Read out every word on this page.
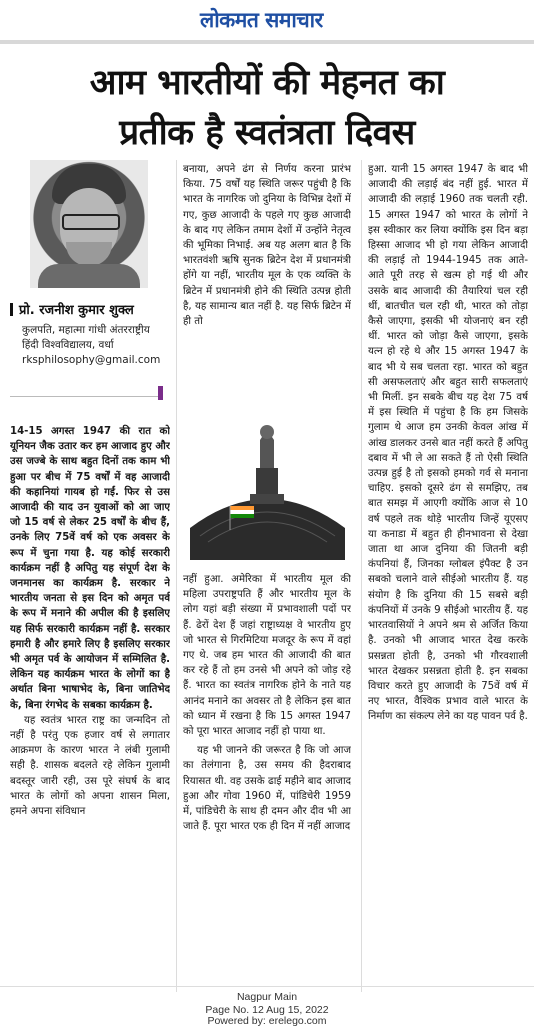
लोकमत समाचार
आम भारतीयों की मेहनत का
प्रतीक है स्वतंत्रता दिवस
प्रो. रजनीश कुमार शुक्ल
कुलपति, महात्मा गांधी अंतरराष्ट्रीय
हिंदी विश्वविद्यालय, वर्धा
rksphilosophy@gmail.com

14-15 अगस्त 1947 की रात को यूनियन जैक उतार कर हम आजाद हुए और उस जज्बे के साथ बहुत दिनों तक काम भी हुआ पर बीच में 75 वर्षों में वह आजादी की कहानियां गायब हो गईं. फिर से उस आजादी की याद उन युवाओं को आ जाए जो 15 वर्ष से लेकर 25 वर्षों के बीच हैं, उनके लिए 75वें वर्ष को एक अवसर के रूप में चुना गया है. यह कोई सरकारी कार्यक्रम नहीं है अपितु यह संपूर्ण देश के जनमानस का कार्यक्रम है. सरकार ने भारतीय जनता से इस दिन को अमृत पर्व के रूप में मनाने की अपील की है इसलिए यह सिर्फ सरकारी कार्यक्रम नहीं है. सरकार हमारी है और हमारे लिए है इसलिए सरकार भी अमृत पर्व के आयोजन में सम्मिलित है. लेकिन यह कार्यक्रम भारत के लोगों का है अर्थात बिना भाषाभेद के, बिना जातिभेद के, बिना रंगभेद के सबका कार्यक्रम है.

यह स्वतंत्र भारत राष्ट्र का जन्मदिन तो नहीं है परंतु एक हजार वर्ष से लगातार आक्रमण के कारण भारत ने लंबी गुलामी सही है. शासक बदलते रहे लेकिन गुलामी बदस्तूर जारी रही, उस पूरे संघर्ष के बाद भारत के लोगों को अपना शासन मिला, हमने अपना संविधान

बनाया, अपने ढंग से निर्णय करना प्रारंभ किया. 75 वर्षों यह स्थिति जरूर पहुंची है कि भारत के नागरिक जो दुनिया के विभिन्न देशों में गए, कुछ आजादी के पहले गए कुछ आजादी के बाद गए लेकिन तमाम देशों में उन्होंने नेतृत्व की भूमिका निभाई. अब यह अलग बात है कि भारतवंशी ऋषि सुनक ब्रिटेन देश में प्रधानमंत्री होंगे या नहीं, भारतीय मूल के एक व्यक्ति के ब्रिटेन में प्रधानमंत्री होने की स्थिति उत्पन्न होती है, यह सामान्य बात नहीं है. यह सिर्फ ब्रिटेन में ही तो

नहीं हुआ. अमेरिका में भारतीय मूल की महिला उपराष्ट्रपति हैं और भारतीय मूल के लोग यहां बड़ी संख्या में प्रभावशाली पदों पर हैं. ढेरों देश हैं जहां राष्ट्राध्यक्ष वे भारतीय हुए जो भारत से गिरमिटिया मजदूर के रूप में वहां गए थे. जब हम भारत की आजादी की बात कर रहे हैं तो हम उनसे भी अपने को जोड़ रहे हैं. भारत का स्वतंत्र नागरिक होने के नाते यह आनंद मनाने का अवसर तो है लेकिन इस बात को ध्यान में रखना है कि 15 अगस्त 1947 को पूरा भारत आजाद नहीं हो पाया था.

यह भी जानने की जरूरत है कि जो आज का तेलंगाना है, उस समय की हैदराबाद रियासत थी. वह उसके ढाई महीने बाद आजाद हुआ और गोवा 1960 में, पांडिचेरी 1959 में, पांडिचेरी के साथ ही दमन और दीव भी आ जाते हैं. पूरा भारत एक ही दिन में नहीं आजाद

हुआ. यानी 15 अगस्त 1947 के बाद भी आजादी की लड़ाई बंद नहीं हुई. भारत में आजादी की लड़ाई 1960 तक चलती रही. 15 अगस्त 1947 को भारत के लोगों ने इस स्वीकार कर लिया क्योंकि इस दिन बड़ा हिस्सा आजाद भी हो गया लेकिन आजादी की लड़ाई तो 1944-1945 तक आते-आते पूरी तरह से खत्म हो गई थी और उसके बाद आजादी की तैयारियां चल रही थीं, बातचीत चल रही थी, भारत को तोड़ा कैसे जाएगा, इसकी भी योजनाएं बन रही थीं. भारत को जोड़ा कैसे जाएगा, इसके यत्न हो रहे थे और 15 अगस्त 1947 के बाद भी ये सब चलता रहा. भारत को बहुत सी असफलताएं और बहुत सारी सफलताएं भी मिलीं. इन सबके बीच यह देश 75 वर्ष में इस स्थिति में पहुंचा है कि हम जिसके गुलाम थे आज हम उनकी केवल आंख में आंख डालकर उनसे बात नहीं करते हैं अपितु दबाव में भी ले आ सकते हैं तो ऐसी स्थिति उत्पन्न हुई है तो इसको हमको गर्व से मनाना चाहिए. इसको दूसरे ढंग से समझिए, तब बात समझ में आएगी क्योंकि आज से 10 वर्ष पहले तक थोड़े भारतीय जिन्हें यूएसए या कनाडा में बहुत ही हीनभावना से देखा जाता था आज दुनिया की जितनी बड़ी कंपनियां हैं, जिनका ग्लोबल इंपैक्ट है उन सबको चलाने वाले सीईओ भारतीय हैं. यह संयोग है कि दुनिया की 15 सबसे बड़ी कंपनियों में उनके 9 सीईओ भारतीय हैं. यह भारतवासियों ने अपने श्रम से अर्जित किया है. उनको भी आजाद भारत देख करके प्रसन्नता होती है, उनको भी गौरवशाली भारत देखकर प्रसन्नता होती है. इन सबका विचार करते हुए आजादी के 75वें वर्ष में नए भारत, वैश्विक प्रभाव वाले भारत के निर्माण का संकल्प लेने का यह पावन पर्व है.

Nagpur Main
Page No. 12 Aug 15, 2022
Powered by: erelego.com
